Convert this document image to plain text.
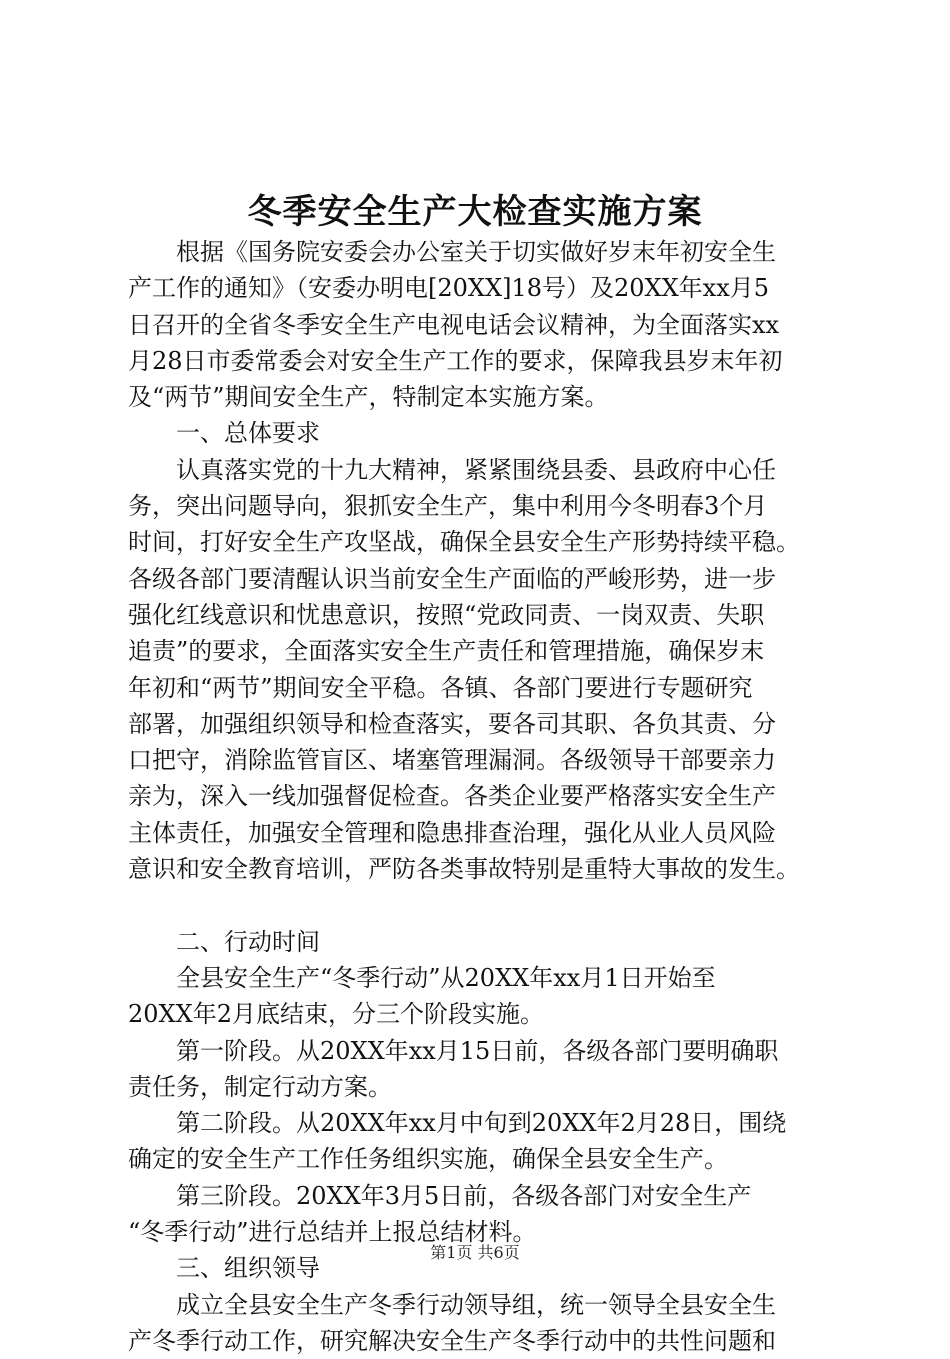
冬季安全生产大检查实施方案
　　根据《国务院安委会办公室关于切实做好岁末年初安全生
产工作的通知》（安委办明电[20XX]18号）及20XX年xx月5
日召开的全省冬季安全生产电视电话会议精神，为全面落实xx
月28日市委常委会对安全生产工作的要求，保障我县岁末年初
及“两节”期间安全生产，特制定本实施方案。
　　一、总体要求
　　认真落实党的十九大精神，紧紧围绕县委、县政府中心任
务，突出问题导向，狠抓安全生产，集中利用今冬明春3个月
时间，打好安全生产攻坚战，确保全县安全生产形势持续平稳。
各级各部门要清醒认识当前安全生产面临的严峻形势，进一步
强化红线意识和忧患意识，按照“党政同责、一岗双责、失职
追责”的要求，全面落实安全生产责任和管理措施，确保岁末
年初和“两节”期间安全平稳。各镇、各部门要进行专题研究
部署，加强组织领导和检查落实，要各司其职、各负其责、分
口把守，消除监管盲区、堵塞管理漏洞。各级领导干部要亲力
亲为，深入一线加强督促检查。各类企业要严格落实安全生产
主体责任，加强安全管理和隐患排查治理，强化从业人员风险
意识和安全教育培训，严防各类事故特别是重特大事故的发生。
　　二、行动时间
　　全县安全生产“冬季行动”从20XX年xx月1日开始至
20XX年2月底结束，分三个阶段实施。
　　第一阶段。从20XX年xx月15日前，各级各部门要明确职
责任务，制定行动方案。
　　第二阶段。从20XX年xx月中旬到20XX年2月28日，围绕
确定的安全生产工作任务组织实施，确保全县安全生产。
　　第三阶段。20XX年3月5日前，各级各部门对安全生产
“冬季行动”进行总结并上报总结材料。
　　三、组织领导
　　成立全县安全生产冬季行动领导组，统一领导全县安全生
产冬季行动工作，研究解决安全生产冬季行动中的共性问题和
第1页 共6页
